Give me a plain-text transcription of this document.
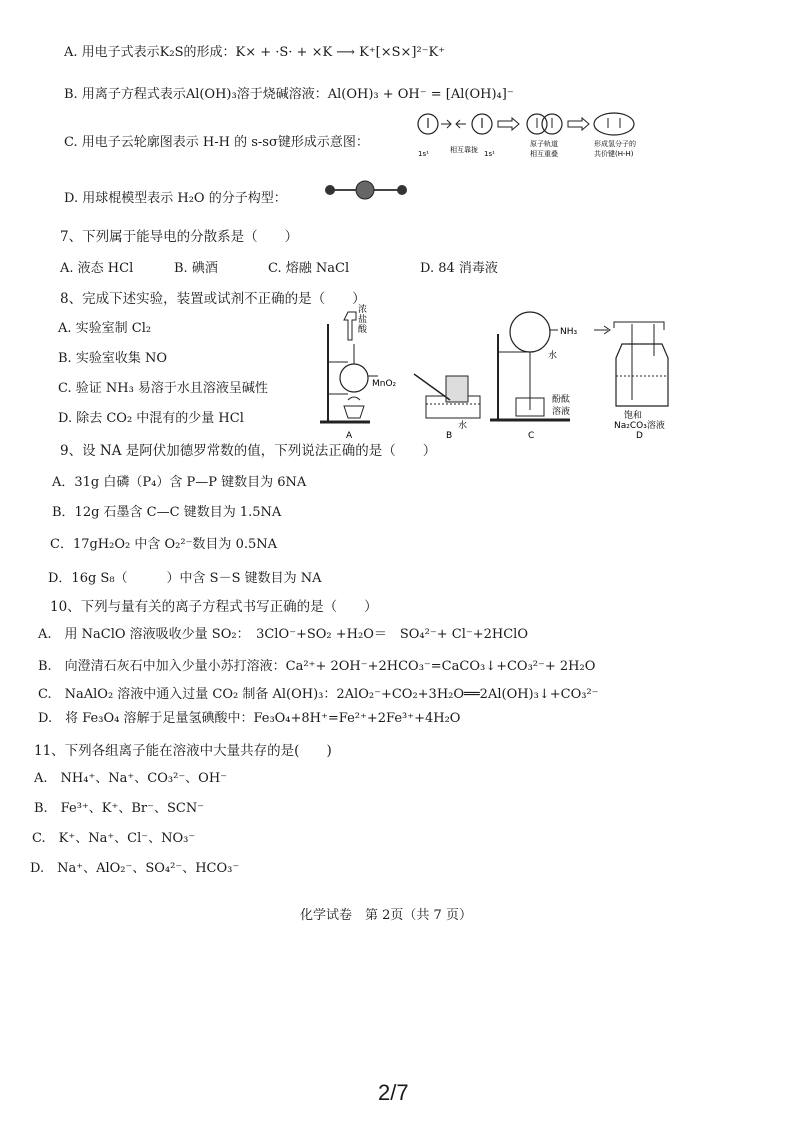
A. 用电子式表示K₂S的形成：K× + ·S· + ×K ⟶ K⁺[×S×]²⁻K⁺
B. 用离子方程式表示Al(OH)₃溶于烧碱溶液：Al(OH)₃ + OH⁻ = [Al(OH)₄]⁻
C. 用电子云轮廓图表示 H-H 的 s-sσ键形成示意图：
1s¹	相互靠拢 1s¹
原子轨道
相互重叠
形成氢分子的
共价键(H-H)
D. 用球棍模型表示 H₂O 的分子构型：
7、下列属于能导电的分散系是（　　）
A. 液态 HCl	B. 碘酒	C. 熔融 NaCl	D. 84 消毒液
8、完成下述实验，装置或试剂不正确的是（　　）
A. 实验室制 Cl₂
B. 实验室收集 NO
C. 验证 NH₃ 易溶于水且溶液呈碱性
D. 除去 CO₂ 中混有的少量 HCl
浓
盐
酸
MnO₂
A
水
B
NH₃
水
酚酞
溶液
C
饱和
Na₂CO₃溶液
D
9、设 NA 是阿伏加德罗常数的值，下列说法正确的是（　　）
A．31g 白磷（P₄）含 P—P 键数目为 6NA
B．12g 石墨含 C—C 键数目为 1.5NA
C．17gH₂O₂ 中含 O₂²⁻数目为 0.5NA
D．16g S₈（　　　）中含 S－S 键数目为 NA
10、下列与量有关的离子方程式书写正确的是（　　）
A.　用 NaClO 溶液吸收少量 SO₂：　3ClO⁻+SO₂ +H₂O＝　SO₄²⁻+ Cl⁻+2HClO
B.　向澄清石灰石中加入少量小苏打溶液：Ca²⁺+ 2OH⁻+2HCO₃⁻=CaCO₃↓+CO₃²⁻+ 2H₂O
C.　NaAlO₂ 溶液中通入过量 CO₂ 制备 Al(OH)₃：2AlO₂⁻+CO₂+3H₂O══2Al(OH)₃↓+CO₃²⁻
D.　将 Fe₃O₄ 溶解于足量氢碘酸中：Fe₃O₄+8H⁺=Fe²⁺+2Fe³⁺+4H₂O
11、下列各组离子能在溶液中大量共存的是(　　)
A.　NH₄⁺、Na⁺、CO₃²⁻、OH⁻
B.　Fe³⁺、K⁺、Br⁻、SCN⁻
C.　K⁺、Na⁺、Cl⁻、NO₃⁻
D.　Na⁺、AlO₂⁻、SO₄²⁻、HCO₃⁻
化学试卷　第 2页（共 7 页）
2/7
